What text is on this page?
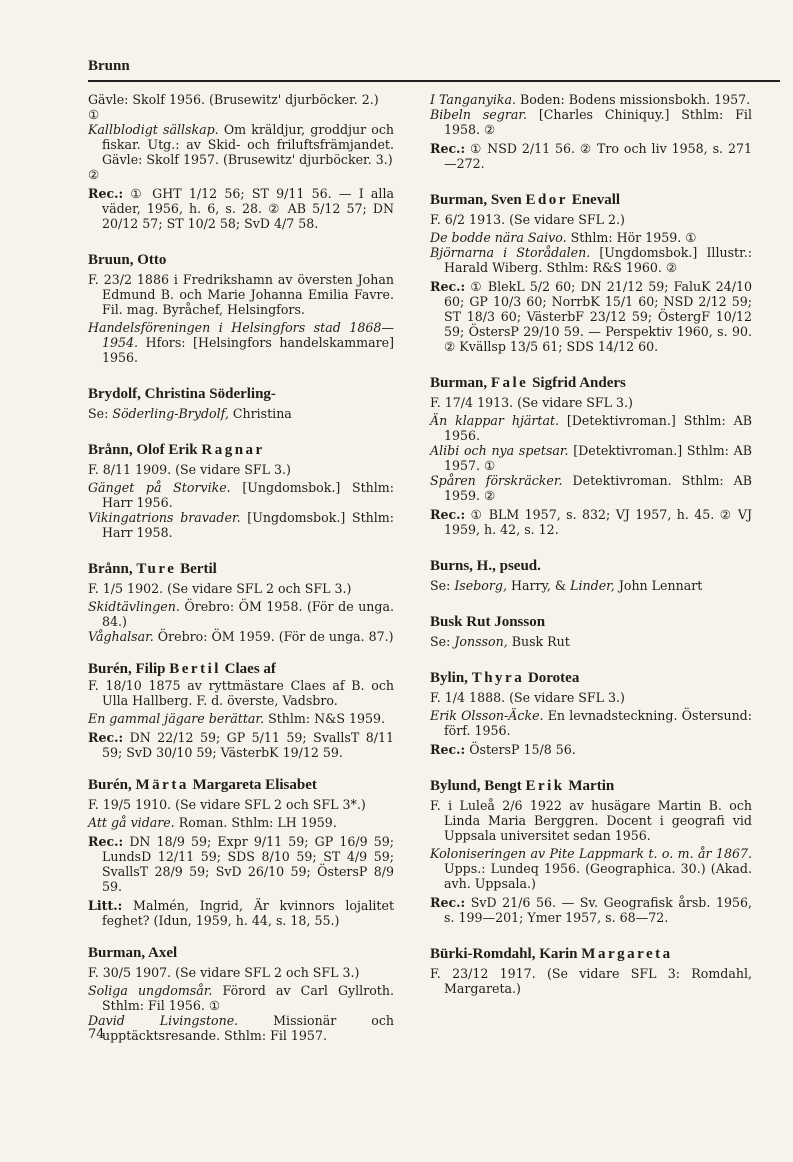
Brunn

Gävle: Skolf 1956. (Brusewitz' djurböcker. 2.)

①

Kallblodigt sällskap. Om kräldjur, groddjur och fiskar. Utg.: av Skid- och friluftsfrämjandet. Gävle: Skolf 1957. (Brusewitz' djurböcker. 3.)

②

Rec.: ① GHT 1/12 56; ST 9/11 56. — I alla väder, 1956, h. 6, s. 28. ② AB 5/12 57; DN 20/12 57; ST 10/2 58; SvD 4/7 58.

Bruun, Otto

F. 23/2 1886 i Fredrikshamn av översten Johan Edmund B. och Marie Johanna Emilia Favre. Fil. mag. Byråchef, Helsingfors.

Handelsföreningen i Helsingfors stad 1868—1954. Hfors: [Helsingfors handelskammare] 1956.

Brydolf, Christina Söderling-

Se: Söderling-Brydolf, Christina

Brånn, Olof Erik Ragnar

F. 8/11 1909. (Se vidare SFL 3.)

Gänget på Storvike. [Ungdomsbok.] Sthlm: Harr 1956.

Vikingatrions bravader. [Ungdomsbok.] Sthlm: Harr 1958.

Brånn, Ture Bertil

F. 1/5 1902. (Se vidare SFL 2 och SFL 3.)

Skidtävlingen. Örebro: ÖM 1958. (För de unga. 84.)

Våghalsar. Örebro: ÖM 1959. (För de unga. 87.)

Burén, Filip Bertil Claes af

F. 18/10 1875 av ryttmästare Claes af B. och Ulla Hallberg. F. d. överste, Vadsbro.

En gammal jägare berättar. Sthlm: N&S 1959.

Rec.: DN 22/12 59; GP 5/11 59; SvallsT 8/11 59; SvD 30/10 59; VästerbK 19/12 59.

Burén, Märta Margareta Elisabet

F. 19/5 1910. (Se vidare SFL 2 och SFL 3*.)

Att gå vidare. Roman. Sthlm: LH 1959.

Rec.: DN 18/9 59; Expr 9/11 59; GP 16/9 59; LundsD 12/11 59; SDS 8/10 59; ST 4/9 59; SvallsT 28/9 59; SvD 26/10 59; ÖstersP 8/9 59.

Litt.: Malmén, Ingrid, Är kvinnors lojalitet feghet? (Idun, 1959, h. 44, s. 18, 55.)

Burman, Axel

F. 30/5 1907. (Se vidare SFL 2 och SFL 3.)

Soliga ungdomsår. Förord av Carl Gyllroth. Sthlm: Fil 1956. ①

David Livingstone. Missionär och upptäcktsresande. Sthlm: Fil 1957.

I Tanganyika. Boden: Bodens missionsbokh. 1957.

Bibeln segrar. [Charles Chiniquy.] Sthlm: Fil 1958. ②

Rec.: ① NSD 2/11 56. ② Tro och liv 1958, s. 271—272.

Burman, Sven Edor Enevall

F. 6/2 1913. (Se vidare SFL 2.)

De bodde nära Saivo. Sthlm: Hör 1959. ①

Björnarna i Storådalen. [Ungdomsbok.] Illustr.: Harald Wiberg. Sthlm: R&S 1960. ②

Rec.: ① BlekL 5/2 60; DN 21/12 59; FaluK 24/10 60; GP 10/3 60; NorrbK 15/1 60; NSD 2/12 59; ST 18/3 60; VästerbF 23/12 59; ÖstergF 10/12 59; ÖstersP 29/10 59. — Perspektiv 1960, s. 90. ② Kvällsp 13/5 61; SDS 14/12 60.

Burman, Fale Sigfrid Anders

F. 17/4 1913. (Se vidare SFL 3.)

Än klappar hjärtat. [Detektivroman.] Sthlm: AB 1956.

Alibi och nya spetsar. [Detektivroman.] Sthlm: AB 1957. ①

Spåren förskräcker. Detektivroman. Sthlm: AB 1959. ②

Rec.: ① BLM 1957, s. 832; VJ 1957, h. 45. ② VJ 1959, h. 42, s. 12.

Burns, H., pseud.

Se: Iseborg, Harry, & Linder, John Lennart

Busk Rut Jonsson

Se: Jonsson, Busk Rut

Bylin, Thyra Dorotea

F. 1/4 1888. (Se vidare SFL 3.)

Erik Olsson-Äcke. En levnadsteckning. Östersund: förf. 1956.

Rec.: ÖstersP 15/8 56.

Bylund, Bengt Erik Martin

F. i Luleå 2/6 1922 av husägare Martin B. och Linda Maria Berggren. Docent i geografi vid Uppsala universitet sedan 1956.

Koloniseringen av Pite Lappmark t. o. m. år 1867. Upps.: Lundeq 1956. (Geographica. 30.) (Akad. avh. Uppsala.)

Rec.: SvD 21/6 56. — Sv. Geografisk årsb. 1956, s. 199—201; Ymer 1957, s. 68—72.

Bürki-Romdahl, Karin Margareta

F. 23/12 1917. (Se vidare SFL 3: Romdahl, Margareta.)

74
